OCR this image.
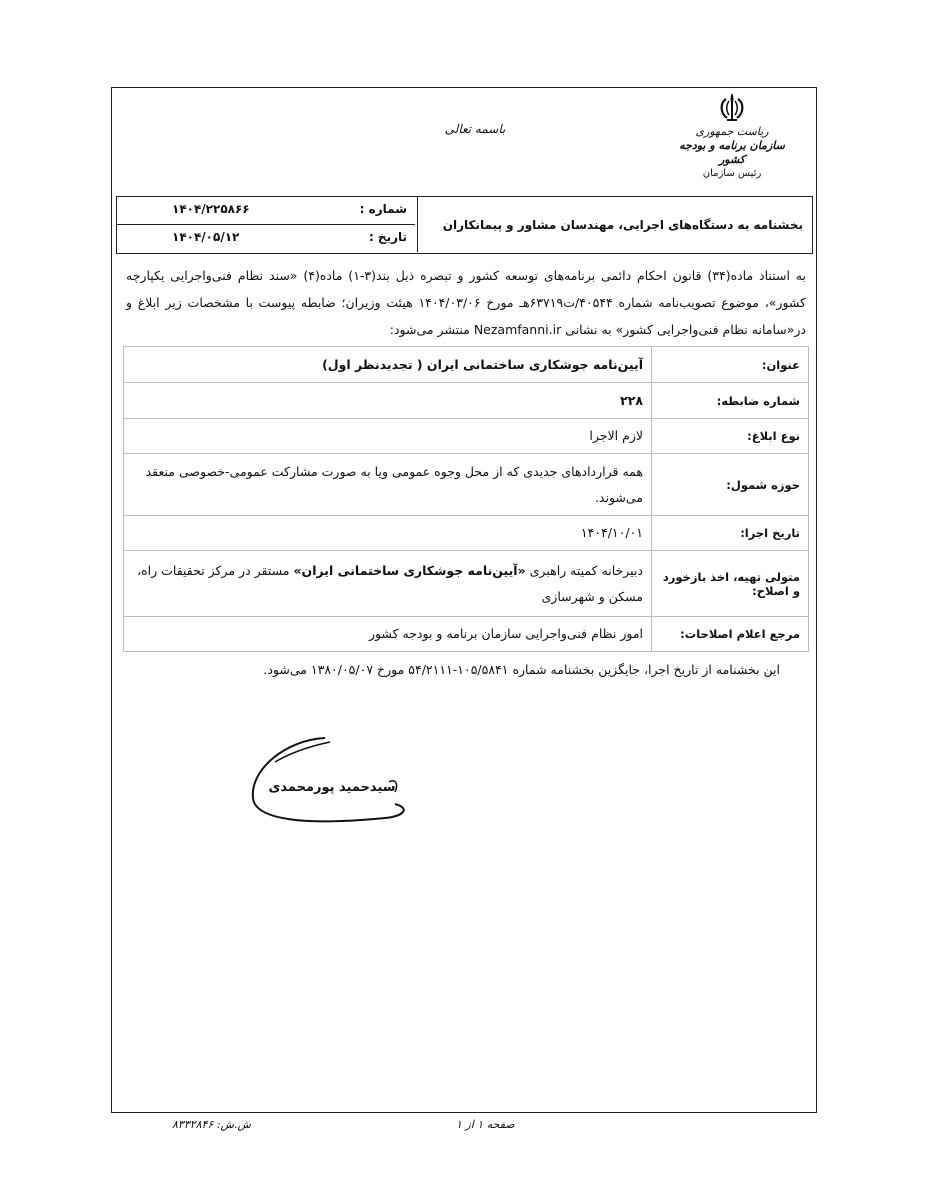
ریاست جمهوری
سازمان برنامه و بودجه کشور
رئیس سازمان
باسمه تعالی
بخشنامه به دستگاه‌های اجرایی، مهندسان مشاور و پیمانکاران
شماره :
۱۴۰۴/۲۲۵۸۶۶
تاریخ :
۱۴۰۴/۰۵/۱۲
به استناد ماده(۳۴) قانون احکام دائمی برنامه‌های توسعه کشور و تبصره ذیل بند(۳-۱) ماده(۴) «سند نظام فنی‌واجرایی یکپارچه کشور»، موضوع تصویب‌نامه شماره ۴۰۵۴۴/ت۶۳۷۱۹هـ مورخ ۱۴۰۴/۰۳/۰۶ هیئت وزیران؛ ضابطه پیوست با مشخصات زیر ابلاغ و در«سامانه نظام فنی‌واجرایی کشور» به نشانی Nezamfanni.ir منتشر می‌شود:
عنوان:	آیین‌نامه جوشکاری ساختمانی ایران ( تجدیدنظر اول)
شماره ضابطه:	۲۲۸
نوع ابلاغ:	لازم الاجرا
حوزه شمول:	همه قراردادهای جدیدی که از محل وجوه عمومی ویا به صورت مشارکت عمومی-خصوصی منعقد می‌شوند.
تاریخ اجرا:	۱۴۰۴/۱۰/۰۱
متولی تهیه، اخذ بازخورد و اصلاح:	دبیرخانه کمیته راهبری «آیین‌نامه جوشکاری ساختمانی ایران» مستقر در مرکز تحقیقات راه، مسکن و شهرسازی
مرجع اعلام اصلاحات:	امور نظام فنی‌واجرایی سازمان برنامه و بودجه کشور
این بخشنامه از تاریخ اجرا، جایگزین بخشنامه شماره ۱۰۵/۵۸۴۱-۵۴/۲۱۱۱ مورخ ۱۳۸۰/۰۵/۰۷ می‌شود.
سیدحمید پورمحمدی
ش.ش: ۸۳۳۲۸۴۶	صفحه ۱ از ۱
